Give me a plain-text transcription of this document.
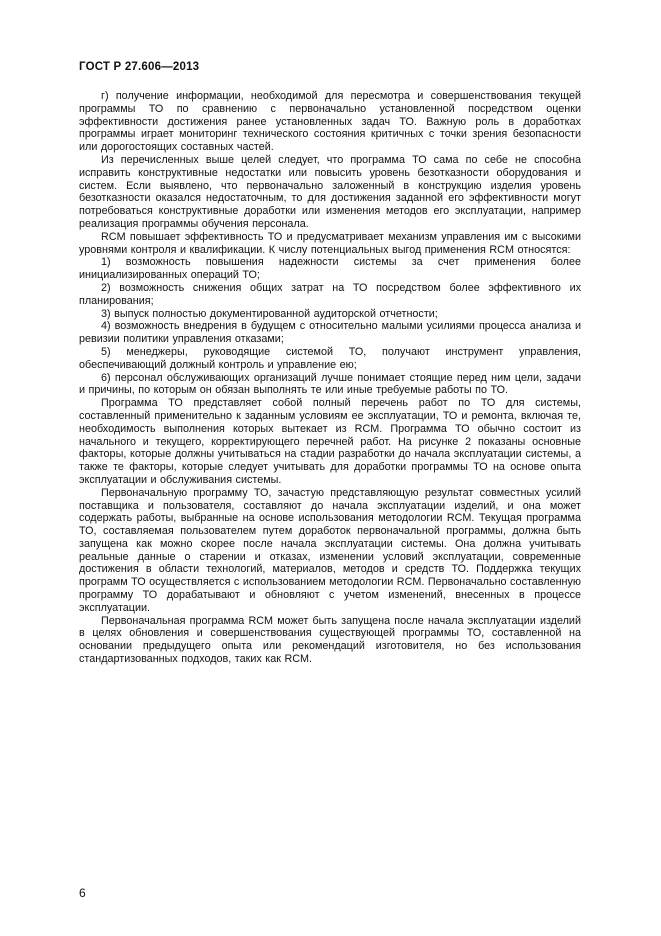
ГОСТ Р 27.606—2013

г) получение информации, необходимой для пересмотра и совершенствования текущей программы ТО по сравнению с первоначально установленной посредством оценки эффективности достижения ранее установленных задач ТО. Важную роль в доработках программы играет мониторинг технического состояния критичных с точки зрения безопасности или дорогостоящих составных частей.

Из перечисленных выше целей следует, что программа ТО сама по себе не способна исправить конструктивные недостатки или повысить уровень безотказности оборудования и систем. Если выявлено, что первоначально заложенный в конструкцию изделия уровень безотказности оказался недостаточным, то для достижения заданной его эффективности могут потребоваться конструктивные доработки или изменения методов его эксплуатации, например реализация программы обучения персонала.

RCM повышает эффективность ТО и предусматривает механизм управления им с высокими уровнями контроля и квалификации. К числу потенциальных выгод применения RCM относятся:

1) возможность повышения надежности системы за счет применения более инициализированных операций ТО;

2) возможность снижения общих затрат на ТО посредством более эффективного их планирования;

3) выпуск полностью документированной аудиторской отчетности;

4) возможность внедрения в будущем с относительно малыми усилиями процесса анализа и ревизии политики управления отказами;

5) менеджеры, руководящие системой ТО, получают инструмент управления, обеспечивающий должный контроль и управление ею;

6) персонал обслуживающих организаций лучше понимает стоящие перед ним цели, задачи и причины, по которым он обязан выполнять те или иные требуемые работы по ТО.

Программа ТО представляет собой полный перечень работ по ТО для системы, составленный применительно к заданным условиям ее эксплуатации, ТО и ремонта, включая те, необходимость выполнения которых вытекает из RCM. Программа ТО обычно состоит из начального и текущего, корректирующего перечней работ. На рисунке 2 показаны основные факторы, которые должны учитываться на стадии разработки до начала эксплуатации системы, а также те факторы, которые следует учитывать для доработки программы ТО на основе опыта эксплуатации и обслуживания системы.

Первоначальную программу ТО, зачастую представляющую результат совместных усилий поставщика и пользователя, составляют до начала эксплуатации изделий, и она может содержать работы, выбранные на основе использования методологии RCM. Текущая программа ТО, составляемая пользователем путем доработок первоначальной программы, должна быть запущена как можно скорее после начала эксплуатации системы. Она должна учитывать реальные данные о старении и отказах, изменении условий эксплуатации, современные достижения в области технологий, материалов, методов и средств ТО. Поддержка текущих программ ТО осуществляется с использованием методологии RCM. Первоначально составленную программу ТО дорабатывают и обновляют с учетом изменений, внесенных в процессе эксплуатации.

Первоначальная программа RCM может быть запущена после начала эксплуатации изделий в целях обновления и совершенствования существующей программы ТО, составленной на основании предыдущего опыта или рекомендаций изготовителя, но без использования стандартизованных подходов, таких как RCM.

6
